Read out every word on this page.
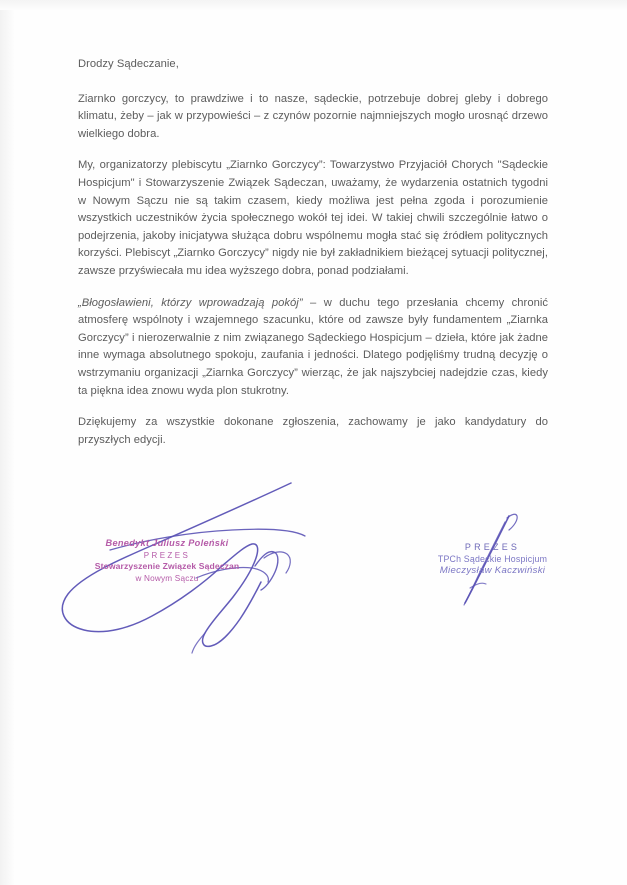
Drodzy Sądeczanie,

Ziarnko gorczycy, to prawdziwe i to nasze, sądeckie, potrzebuje dobrej gleby i dobrego klimatu, żeby – jak w przypowieści – z czynów pozornie najmniejszych mogło urosnąć drzewo wielkiego dobra.

My, organizatorzy plebiscytu „Ziarnko Gorczycy”: Towarzystwo Przyjaciół Chorych "Sądeckie Hospicjum" i Stowarzyszenie Związek Sądeczan, uważamy, że wydarzenia ostatnich tygodni w Nowym Sączu nie są takim czasem, kiedy możliwa jest pełna zgoda i porozumienie wszystkich uczestników życia społecznego wokół tej idei. W takiej chwili szczególnie łatwo o podejrzenia, jakoby inicjatywa służąca dobru wspólnemu mogła stać się źródłem politycznych korzyści. Plebiscyt „Ziarnko Gorczycy” nigdy nie był zakładnikiem bieżącej sytuacji politycznej, zawsze przyświecała mu idea wyższego dobra, ponad podziałami.

„Błogosławieni, którzy wprowadzają pokój” – w duchu tego przesłania chcemy chronić atmosferę wspólnoty i wzajemnego szacunku, które od zawsze były fundamentem „Ziarnka Gorczycy” i nierozerwalnie z nim związanego Sądeckiego Hospicjum – dzieła, które jak żadne inne wymaga absolutnego spokoju, zaufania i jedności. Dlatego podjęliśmy trudną decyzję o wstrzymaniu organizacji „Ziarnka Gorczycy” wierząc, że jak najszybciej nadejdzie czas, kiedy ta piękna idea znowu wyda plon stukrotny.

Dziękujemy za wszystkie dokonane zgłoszenia, zachowamy je jako kandydatury do przyszłych edycji.

Benedykt Juliusz Poleński
PREZES
Stowarzyszenie Związek Sądeczan
w Nowym Sączu
PREZES
TPCh Sądeckie Hospicjum
Mieczysław Kaczwiński
